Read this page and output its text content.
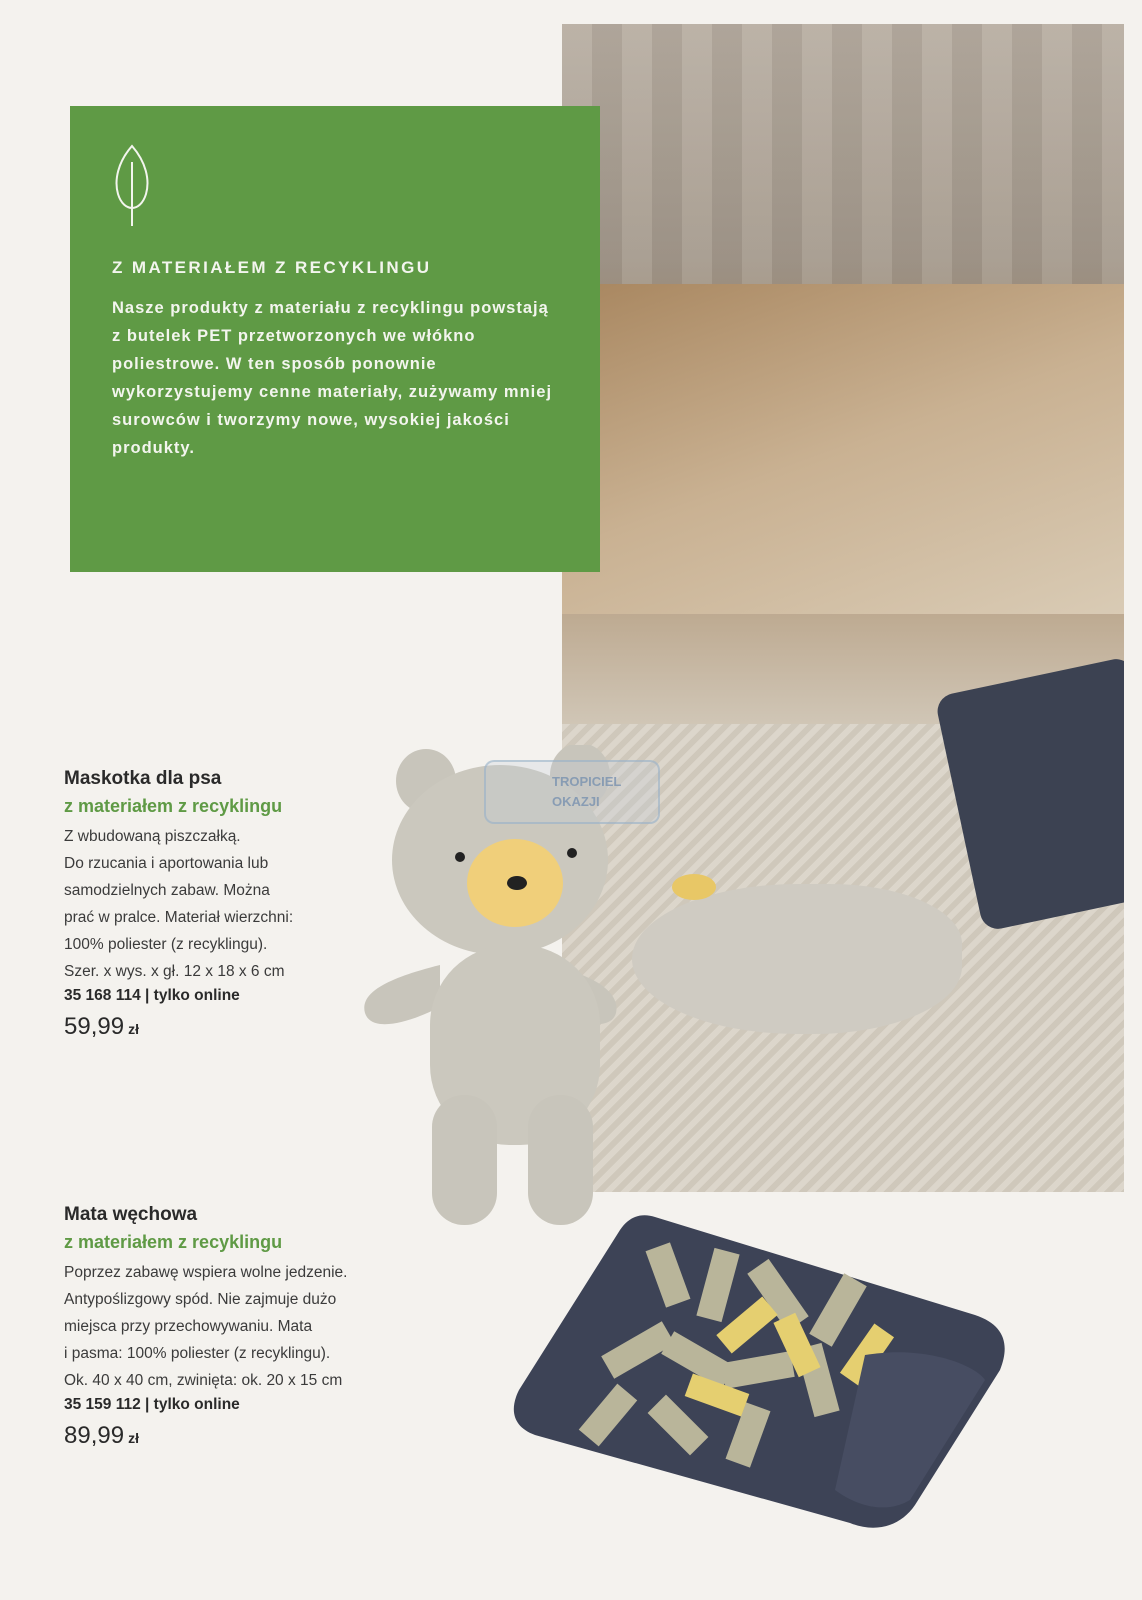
Z MATERIAŁEM Z RECYKLINGU

Nasze produkty z materiału z recyklingu powstają z butelek PET przetworzonych we włókno poliestrowe. W ten sposób ponownie wykorzystujemy cenne materiały, zużywamy mniej surowców i tworzymy nowe, wysokiej jakości produkty.

Maskotka dla psa

z materiałem z recyklingu

Z wbudowaną piszczałką.
Do rzucania i aportowania lub
samodzielnych zabaw. Można
prać w pralce. Materiał wierzchni:
100% poliester (z recyklingu).
Szer. x wys. x gł. 12 x 18 x 6 cm

35 168 114 | tylko online

59,99 zł

Mata węchowa

z materiałem z recyklingu

Poprzez zabawę wspiera wolne jedzenie.
Antypoślizgowy spód. Nie zajmuje dużo
miejsca przy przechowywaniu. Mata
i pasma: 100% poliester (z recyklingu).
Ok. 40 x 40 cm, zwinięta: ok. 20 x 15 cm

35 159 112 | tylko online

89,99 zł
TROPICIEL
OKAZJI
